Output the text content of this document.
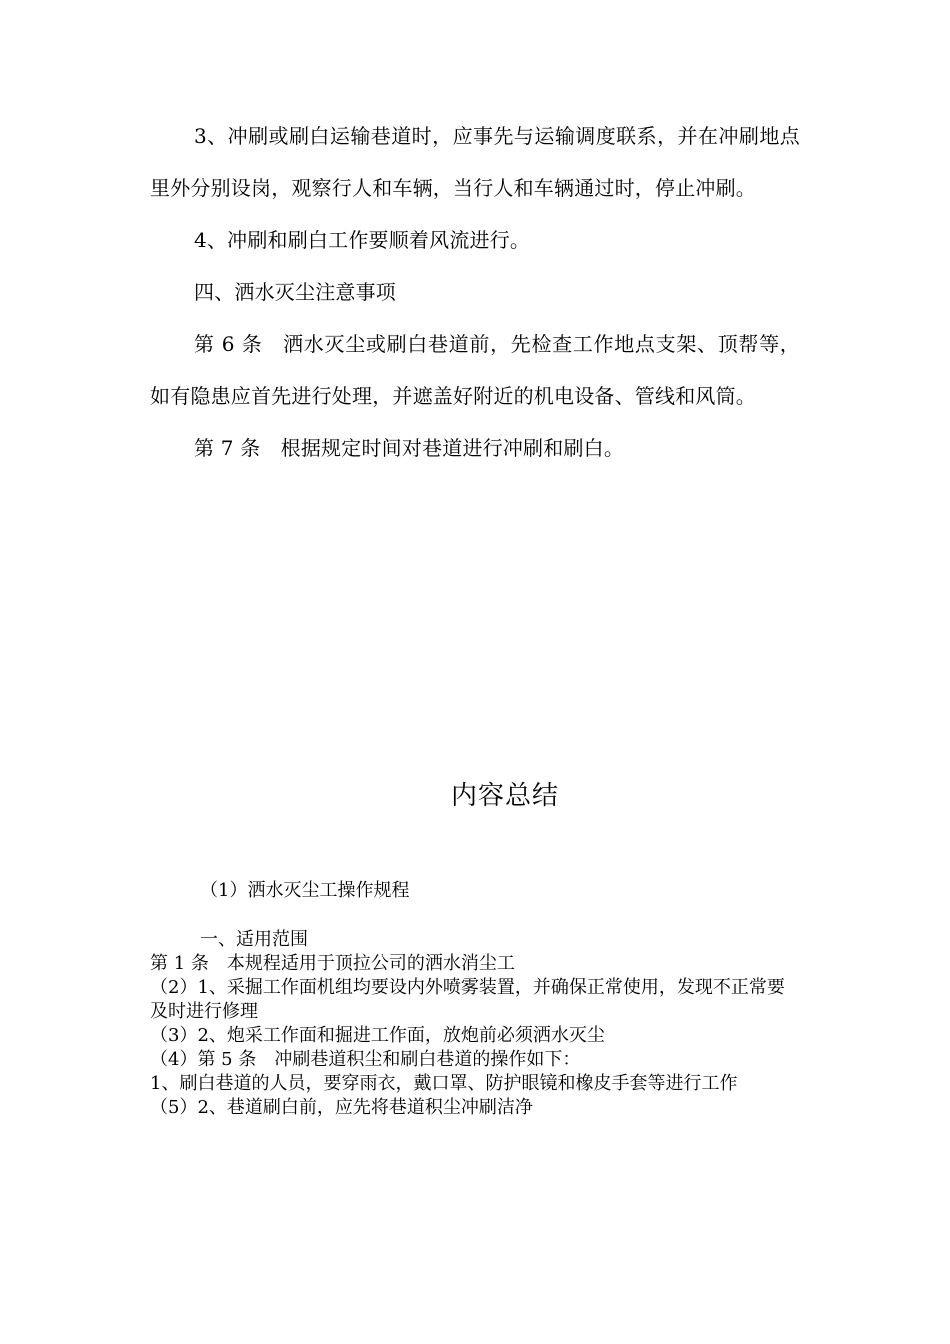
3、冲刷或刷白运输巷道时，应事先与运输调度联系，并在冲刷地点里外分别设岗，观察行人和车辆，当行人和车辆通过时，停止冲刷。

4、冲刷和刷白工作要顺着风流进行。

四、洒水灭尘注意事项

第 6 条　洒水灭尘或刷白巷道前，先检查工作地点支架、顶帮等，如有隐患应首先进行处理，并遮盖好附近的机电设备、管线和风筒。

第 7 条　根据规定时间对巷道进行冲刷和刷白。

内容总结

（1）洒水灭尘工操作规程

一、适用范围

第 1 条　本规程适用于顶拉公司的洒水消尘工

（2）1、采掘工作面机组均要设内外喷雾装置，并确保正常使用，发现不正常要及时进行修理

（3）2、炮采工作面和掘进工作面，放炮前必须洒水灭尘

（4）第 5 条　冲刷巷道积尘和刷白巷道的操作如下：

1、刷白巷道的人员，要穿雨衣，戴口罩、防护眼镜和橡皮手套等进行工作

（5）2、巷道刷白前，应先将巷道积尘冲刷洁净
